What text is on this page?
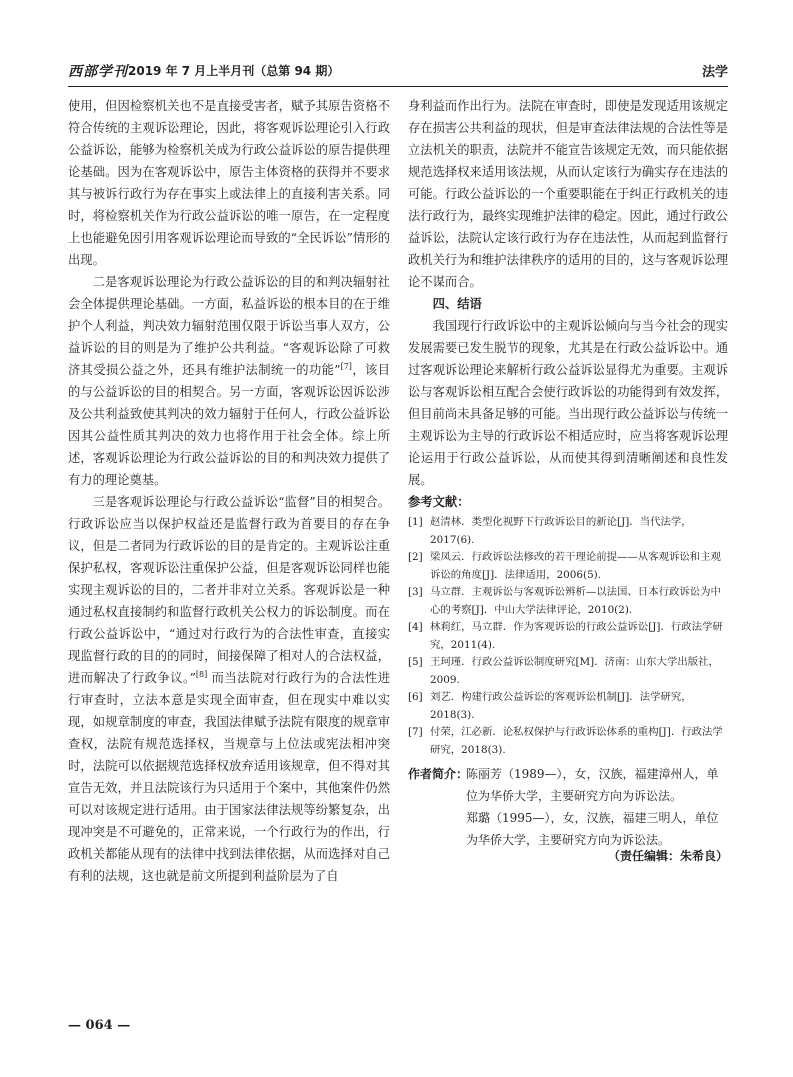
西部学刊 2019 年 7 月上半月刊（总第 94 期）	法学

使用，但因检察机关也不是直接受害者，赋予其原告资格不符合传统的主观诉讼理论，因此，将客观诉讼理论引入行政公益诉讼，能够为检察机关成为行政公益诉讼的原告提供理论基础。因为在客观诉讼中，原告主体资格的获得并不要求其与被诉行政行为存在事实上或法律上的直接利害关系。同时，将检察机关作为行政公益诉讼的唯一原告，在一定程度上也能避免因引用客观诉讼理论而导致的“全民诉讼”情形的出现。

二是客观诉讼理论为行政公益诉讼的目的和判决辐射社会全体提供理论基础。一方面，私益诉讼的根本目的在于维护个人利益，判决效力辐射范围仅限于诉讼当事人双方，公益诉讼的目的则是为了维护公共利益。“客观诉讼除了可救济其受损公益之外，还具有维护法制统一的功能”[7]，该目的与公益诉讼的目的相契合。另一方面，客观诉讼因诉讼涉及公共利益致使其判决的效力辐射于任何人，行政公益诉讼因其公益性质其判决的效力也将作用于社会全体。综上所述，客观诉讼理论为行政公益诉讼的目的和判决效力提供了有力的理论奠基。

三是客观诉讼理论与行政公益诉讼“监督”目的相契合。行政诉讼应当以保护权益还是监督行政为首要目的存在争议，但是二者同为行政诉讼的目的是肯定的。主观诉讼注重保护私权，客观诉讼注重保护公益，但是客观诉讼同样也能实现主观诉讼的目的，二者并非对立关系。客观诉讼是一种通过私权直接制约和监督行政机关公权力的诉讼制度。而在行政公益诉讼中，“通过对行政行为的合法性审查，直接实现监督行政的目的的同时，间接保障了相对人的合法权益，进而解决了行政争议。”[8] 而当法院对行政行为的合法性进行审查时，立法本意是实现全面审查，但在现实中难以实现，如规章制度的审查，我国法律赋予法院有限度的规章审查权，法院有规范选择权，当规章与上位法或宪法相冲突时，法院可以依据规范选择权放弃适用该规章，但不得对其宣告无效，并且法院该行为只适用于个案中，其他案件仍然可以对该规定进行适用。由于国家法律法规等纷繁复杂，出现冲突是不可避免的，正常来说，一个行政行为的作出，行政机关都能从现有的法律中找到法律依据，从而选择对自己有利的法规，这也就是前文所提到利益阶层为了自

身利益而作出行为。法院在审查时，即使是发现适用该规定存在损害公共利益的现状，但是审查法律法规的合法性等是立法机关的职责，法院并不能宣告该规定无效，而只能依据规范选择权来适用该法规，从而认定该行为确实存在违法的可能。行政公益诉讼的一个重要职能在于纠正行政机关的违法行政行为，最终实现维护法律的稳定。因此，通过行政公益诉讼，法院认定该行政行为存在违法性，从而起到监督行政机关行为和维护法律秩序的适用的目的，这与客观诉讼理论不谋而合。

四、结语

我国现行行政诉讼中的主观诉讼倾向与当今社会的现实发展需要已发生脱节的现象，尤其是在行政公益诉讼中。通过客观诉讼理论来解析行政公益诉讼显得尤为重要。主观诉讼与客观诉讼相互配合会使行政诉讼的功能得到有效发挥，但目前尚未具备足够的可能。当出现行政公益诉讼与传统一主观诉讼为主导的行政诉讼不相适应时，应当将客观诉讼理论运用于行政公益诉讼，从而使其得到清晰阐述和良性发展。

参考文献：
[1] 赵清林．类型化视野下行政诉讼目的新论[J]．当代法学，2017(6).
[2] 梁凤云．行政诉讼法修改的若干理论前提——从客观诉讼和主观诉讼的角度[J]．法律适用，2006(5).
[3] 马立群．主观诉讼与客观诉讼辨析—以法国、日本行政诉讼为中心的考察[J]．中山大学法律评论，2010(2).
[4] 林莉红，马立群．作为客观诉讼的行政公益诉讼[J]．行政法学研究，2011(4).
[5] 王珂瑾．行政公益诉讼制度研究[M]．济南：山东大学出版社，2009.
[6] 刘艺．构建行政公益诉讼的客观诉讼机制[J]．法学研究，2018(3).
[7] 付荣，江必新．论私权保护与行政诉讼体系的重构[J]．行政法学研究，2018(3).
作者简介：
陈丽芳（1989—），女，汉族，福建漳州人，单位为华侨大学，主要研究方向为诉讼法。
郑璐（1995—），女，汉族，福建三明人，单位为华侨大学，主要研究方向为诉讼法。
（责任编辑：朱希良）
— 064 —
